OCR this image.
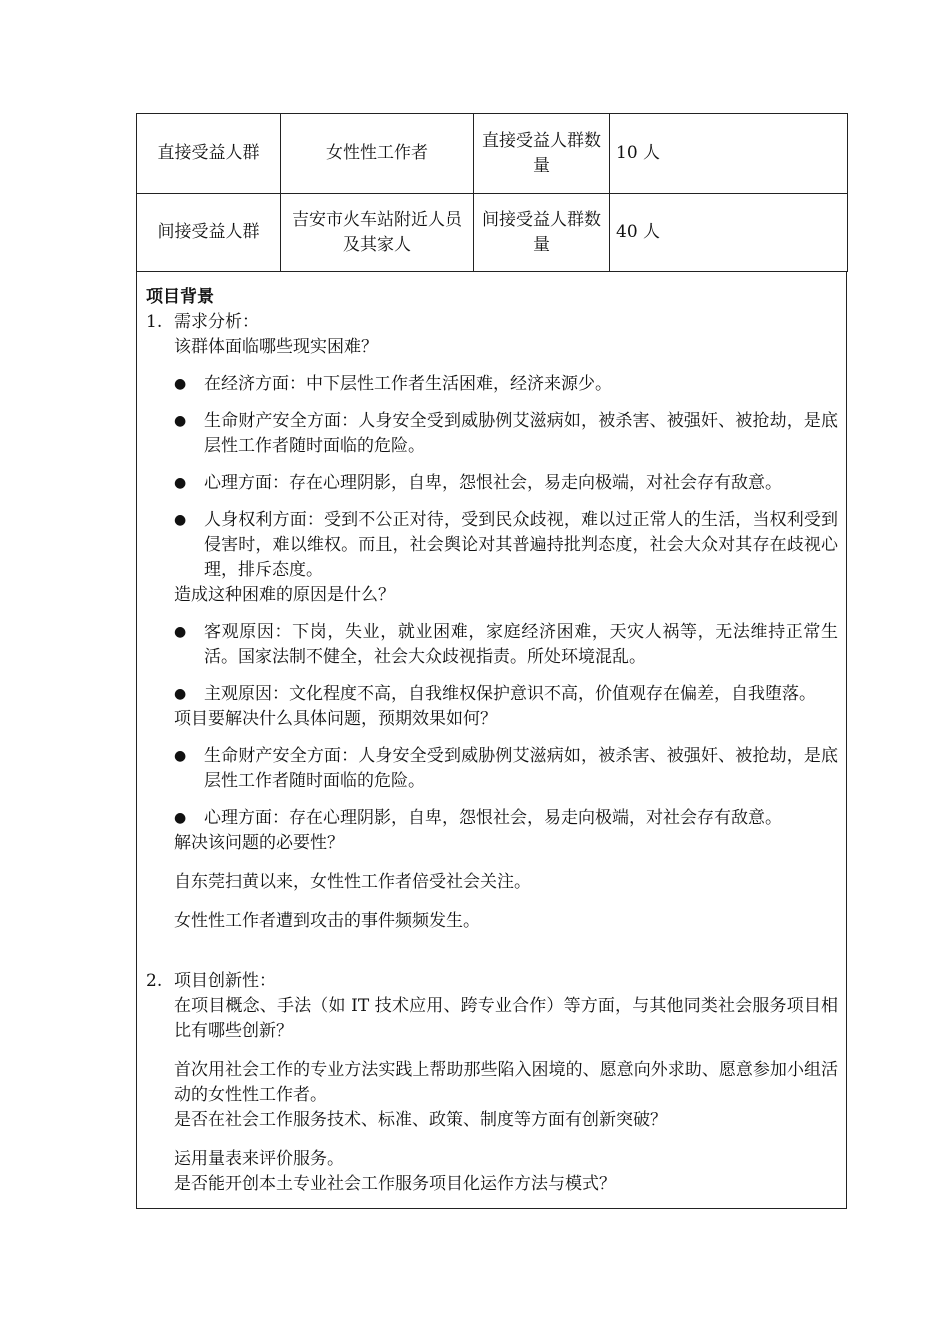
直接受益人群	女性性工作者	直接受益人群数量	10 人
间接受益人群	吉安市火车站附近人员及其家人	间接受益人群数量	40 人
项目背景
1. 需求分析：
该群体面临哪些现实困难？
●	在经济方面：中下层性工作者生活困难，经济来源少。
●	生命财产安全方面：人身安全受到威胁例艾滋病如，被杀害、被强奸、被抢劫，是底层性工作者随时面临的危险。
●	心理方面：存在心理阴影，自卑，怨恨社会，易走向极端，对社会存有敌意。
●	人身权利方面：受到不公正对待，受到民众歧视，难以过正常人的生活，当权利受到侵害时，难以维权。而且，社会舆论对其普遍持批判态度，社会大众对其存在歧视心理，排斥态度。
造成这种困难的原因是什么？
●	客观原因：下岗，失业，就业困难，家庭经济困难，天灾人祸等，无法维持正常生活。国家法制不健全，社会大众歧视指责。所处环境混乱。
●	主观原因：文化程度不高，自我维权保护意识不高，价值观存在偏差，自我堕落。
项目要解决什么具体问题，预期效果如何？
●	生命财产安全方面：人身安全受到威胁例艾滋病如，被杀害、被强奸、被抢劫，是底层性工作者随时面临的危险。
●	心理方面：存在心理阴影，自卑，怨恨社会，易走向极端，对社会存有敌意。
解决该问题的必要性？
自东莞扫黄以来，女性性工作者倍受社会关注。
女性性工作者遭到攻击的事件频频发生。
2. 项目创新性：
在项目概念、手法（如 IT 技术应用、跨专业合作）等方面，与其他同类社会服务项目相比有哪些创新？
首次用社会工作的专业方法实践上帮助那些陷入困境的、愿意向外求助、愿意参加小组活动的女性性工作者。
是否在社会工作服务技术、标准、政策、制度等方面有创新突破？
运用量表来评价服务。
是否能开创本土专业社会工作服务项目化运作方法与模式？
